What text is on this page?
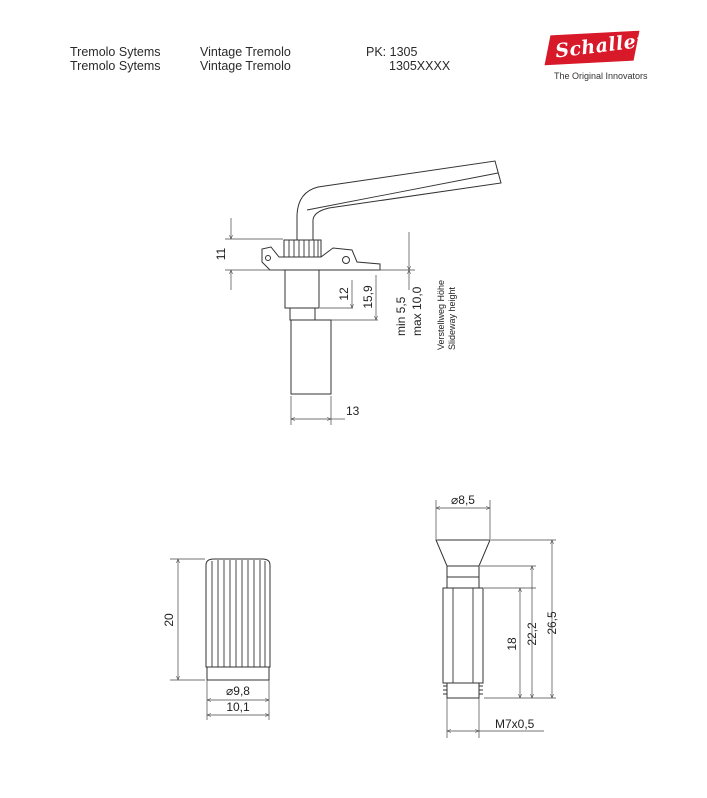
Tremolo Sytems
Tremolo Sytems
Vintage Tremolo
Vintage Tremolo
PK: 1305
1305XXXX
Schaller
The Original Innovators
11
12 15,9 min 5,5 max 10,0 Verstellweg Höhe Slideway height
13
20
⌀9,8
10,1
⌀8,5
18 22,2 26,5
M7x0,5
